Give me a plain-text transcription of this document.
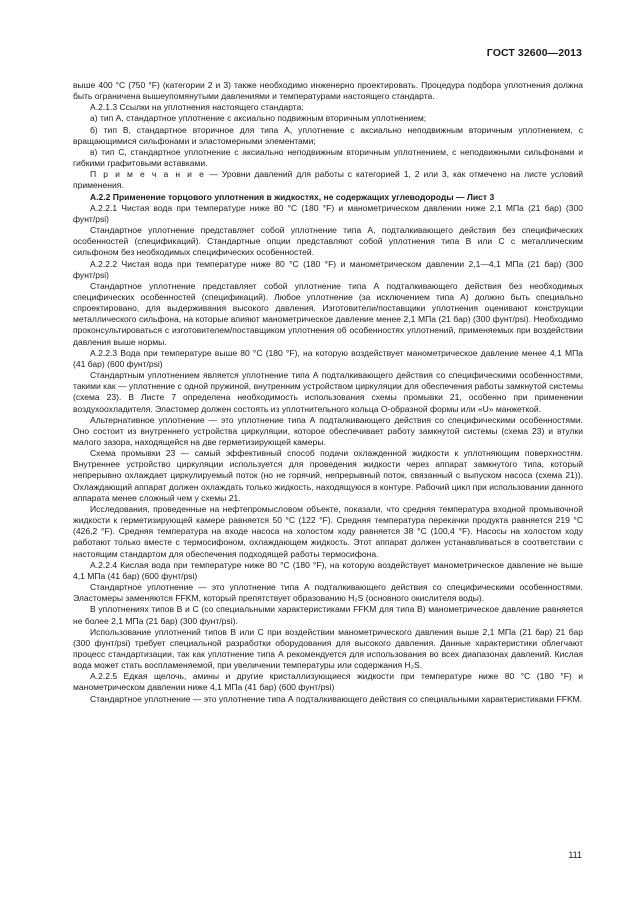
ГОСТ 32600—2013

выше 400 °С (750 °F) (категории 2 и 3) также необходимо инженерно проектировать. Процедура подбора уплотнения должна быть ограничена вышеупомянутыми давлениями и температурами настоящего стандарта.

A.2.1.3 Ссылки на уплотнения настоящего стандарта:

а) тип А, стандартное уплотнение с аксиально подвижным вторичным уплотнением;

б) тип В, стандартное вторичное для типа А, уплотнение с аксиально неподвижным вторичным уплотнением, с вращающимися сильфонами и эластомерными элементами;

в) тип С, стандартное уплотнение с аксиально неподвижным вторичным уплотнением, с неподвижными сильфонами и гибкими графитовыми вставками.

П р и м е ч а н и е — Уровни давлений для работы с категорией 1, 2 или 3, как отмечено на листе условий применения.

A.2.2 Применение торцового уплотнения в жидкостях, не содержащих углеводороды — Лист 3

A.2.2.1 Чистая вода при температуре ниже 80 °С (180 °F) и манометрическом давлении ниже 2,1 МПа (21 бар) (300 фунт/psi)

Стандартное уплотнение представляет собой уплотнение типа А, подталкивающего действия без специфических особенностей (спецификаций). Стандартные опции представляют собой уплотнения типа В или С с металлическим сильфоном без необходимых специфических особенностей.

A.2.2.2 Чистая вода при температуре ниже 80 °С (180 °F) и манометрическом давлении 2,1—4,1 МПа (21 бар) (300 фунт/psi)

Стандартное уплотнение представляет собой уплотнение типа А подталкивающего действия без необходимых специфических особенностей (спецификаций). Любое уплотнение (за исключением типа А) должно быть специально спроектировано, для выдерживания высокого давления. Изготовители/поставщики уплотнения оценивают конструкции металлического сильфона, на которые влияют манометрическое давление менее 2,1 МПа (21 бар) (300 фунт/psi). Необходимо проконсультироваться с изготовителем/поставщиком уплотнения об особенностях уплотнений, применяемых при воздействии давления выше нормы.

A.2.2.3 Вода при температуре выше 80 °С (180 °F), на которую воздействует манометрическое давление менее 4,1 МПа (41 бар) (600 фунт/psi)

Стандартным уплотнением является уплотнение типа А подталкивающего действия со специфическими особенностями, такими как — уплотнение с одной пружиной, внутренним устройством циркуляции для обеспечения работы замкнутой системы (схема 23). В Листе 7 определена необходимость использования схемы промывки 21, особенно при применении воздухоохладителя. Эластомер должен состоять из уплотнительного кольца О-образной формы или «U» манжеткой.

Альтернативное уплотнение — это уплотнение типа А подталкивающего действия со специфическими особенностями. Оно состоит из внутреннего устройства циркуляции, которое обеспечивает работу замкнутой системы (схема 23) и втулки малого зазора, находящейся на две герметизирующей камеры.

Схема промывки 23 — самый эффективный способ подачи охлажденной жидкости к уплотняющим поверхностям. Внутреннее устройство циркуляции используется для проведения жидкости через аппарат замкнутого типа, который непрерывно охлаждает циркулируемый поток (но не горячий, непрерывный поток, связанный с выпуском насоса (схема 21)). Охлаждающий аппарат должен охлаждать только жидкость, находящуюся в контуре. Рабочий цикл при использовании данного аппарата менее сложный чем у схемы 21.

Исследования, проведенные на нефтепромысловом объекте, показали, что средняя температура входной промывочной жидкости к герметизирующей камере равняется 50 °С (122 °F). Средняя температура перекачки продукта равняется 219 °С (426,2 °F). Средняя температура на входе насоса на холостом ходу равняется 38 °С (100,4 °F). Насосы на холостом ходу работают только вместе с термосифоном, охлаждающем жидкость. Этот аппарат должен устанавливаться в соответствии с настоящим стандартом для обеспечения подходящей работы термосифона.

A.2.2.4 Кислая вода при температуре ниже 80 °С (180 °F), на которую воздействует манометрическое давление не выше 4,1 МПа (41 бар) (600 фунт/psi)

Стандартное уплотнение — это уплотнение типа А подталкивающего действия со специфическими особенностями. Эластомеры заменяются FFKM, который препятствует образованию H₂S (основного окислителя воды).

В уплотнениях типов В и С (со специальными характеристиками FFKM для типа В) манометрическое давление равняется не более 2,1 МПа (21 бар) (300 фунт/psi).

Использование уплотнений типов В или С при воздействии манометрического давления выше 2,1 МПа (21 бар) 21 бар (300 фунт/psi) требует специальной разработки оборудования для высокого давления. Данные характеристики облегчают процесс стандартизации, так как уплотнение типа А рекомендуется для использования во всех диапазонах давлений. Кислая вода может стать воспламеняемой, при увеличении температуры или содержания H₂S.

A.2.2.5 Едкая щелочь, амины и другие кристаллизующиеся жидкости при температуре ниже 80 °С (180 °F) и манометрическом давлении ниже 4,1 МПа (41 бар) (600 фунт/psi)

Стандартное уплотнение — это уплотнение типа А подталкивающего действия со специальными характеристиками FFKM.

111
